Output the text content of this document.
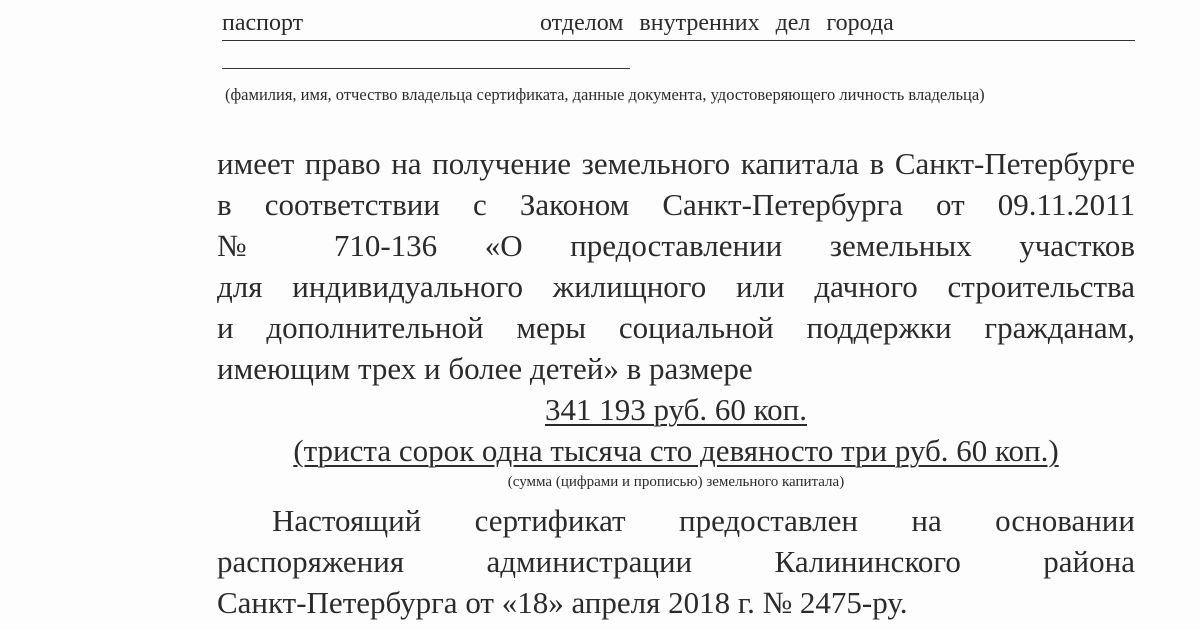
паспорт	отделом внутренних дел города
(фамилия, имя, отчество владельца сертификата, данные документа, удостоверяющего личность владельца)
имеет право на получение земельного капитала в Санкт-Петербурге
в соответствии с Законом Санкт-Петербурга от 09.11.2011
№ 710-136 «О предоставлении земельных участков
для индивидуального жилищного или дачного строительства
и дополнительной меры социальной поддержки гражданам,
имеющим трех и более детей» в размере
341 193 руб. 60 коп.
(триста сорок одна тысяча сто девяносто три руб. 60 коп.)
(сумма (цифрами и прописью) земельного капитала)
Настоящий сертификат предоставлен на основании
распоряжения администрации Калининского района
Санкт-Петербурга от «18» апреля 2018 г. № 2475-ру.
